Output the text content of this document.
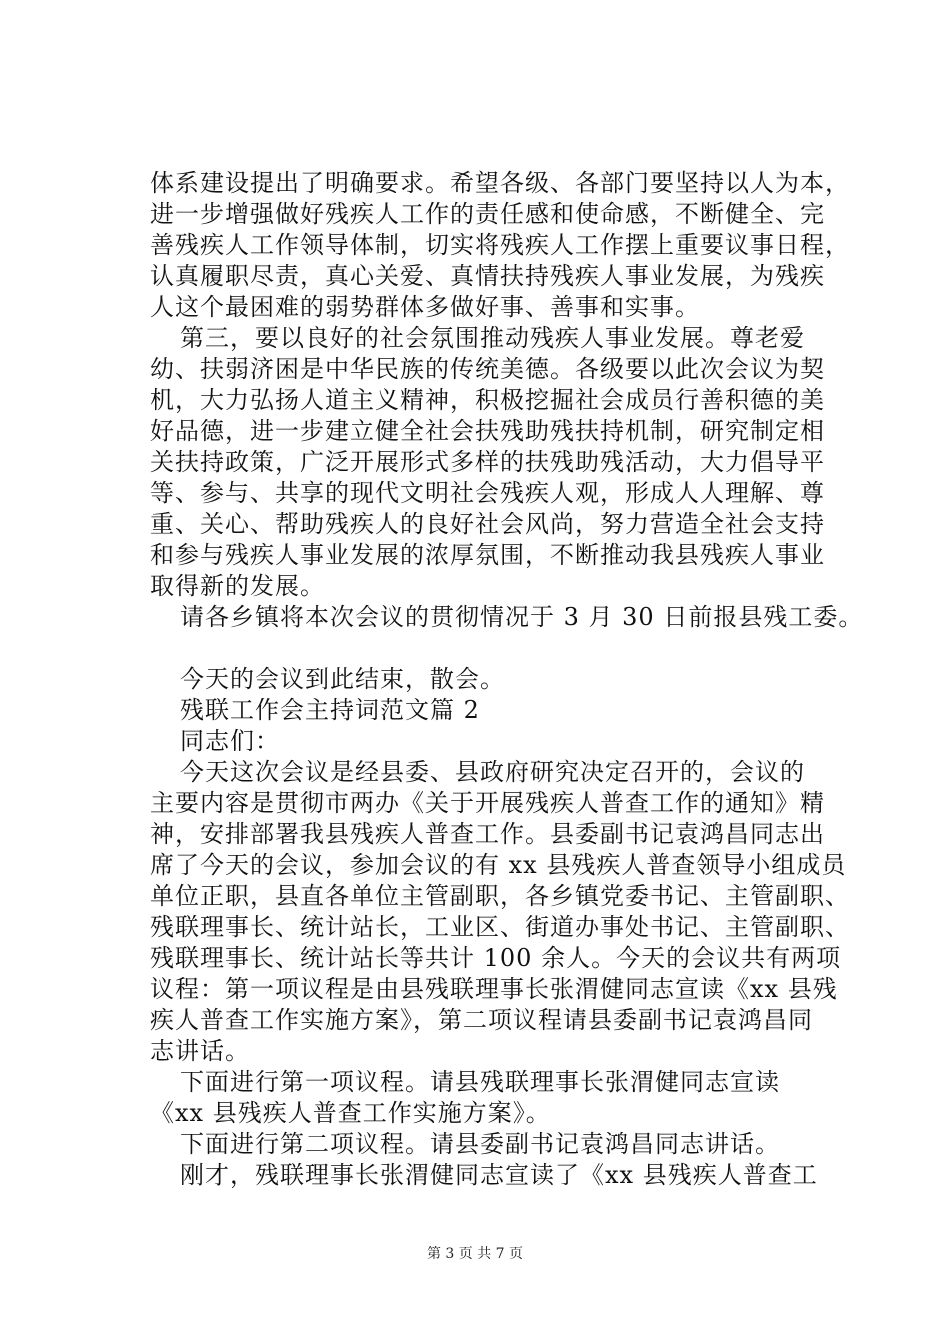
体系建设提出了明确要求。希望各级、各部门要坚持以人为本，
进一步增强做好残疾人工作的责任感和使命感，不断健全、完
善残疾人工作领导体制，切实将残疾人工作摆上重要议事日程，
认真履职尽责，真心关爱、真情扶持残疾人事业发展，为残疾
人这个最困难的弱势群体多做好事、善事和实事。
第三，要以良好的社会氛围推动残疾人事业发展。尊老爱
幼、扶弱济困是中华民族的传统美德。各级要以此次会议为契
机，大力弘扬人道主义精神，积极挖掘社会成员行善积德的美
好品德，进一步建立健全社会扶残助残扶持机制，研究制定相
关扶持政策，广泛开展形式多样的扶残助残活动，大力倡导平
等、参与、共享的现代文明社会残疾人观，形成人人理解、尊
重、关心、帮助残疾人的良好社会风尚，努力营造全社会支持
和参与残疾人事业发展的浓厚氛围，不断推动我县残疾人事业
取得新的发展。
请各乡镇将本次会议的贯彻情况于 3 月 30 日前报县残工委。
今天的会议到此结束，散会。
残联工作会主持词范文篇 2
同志们：
今天这次会议是经县委、县政府研究决定召开的，会议的
主要内容是贯彻市两办《关于开展残疾人普查工作的通知》精
神，安排部署我县残疾人普查工作。县委副书记袁鸿昌同志出
席了今天的会议，参加会议的有 xx 县残疾人普查领导小组成员
单位正职，县直各单位主管副职，各乡镇党委书记、主管副职、
残联理事长、统计站长，工业区、街道办事处书记、主管副职、
残联理事长、统计站长等共计 100 余人。今天的会议共有两项
议程：第一项议程是由县残联理事长张渭健同志宣读《xx 县残
疾人普查工作实施方案》，第二项议程请县委副书记袁鸿昌同
志讲话。
下面进行第一项议程。请县残联理事长张渭健同志宣读
《xx 县残疾人普查工作实施方案》。
下面进行第二项议程。请县委副书记袁鸿昌同志讲话。
刚才，残联理事长张渭健同志宣读了《xx 县残疾人普查工
第 3 页 共 7 页
